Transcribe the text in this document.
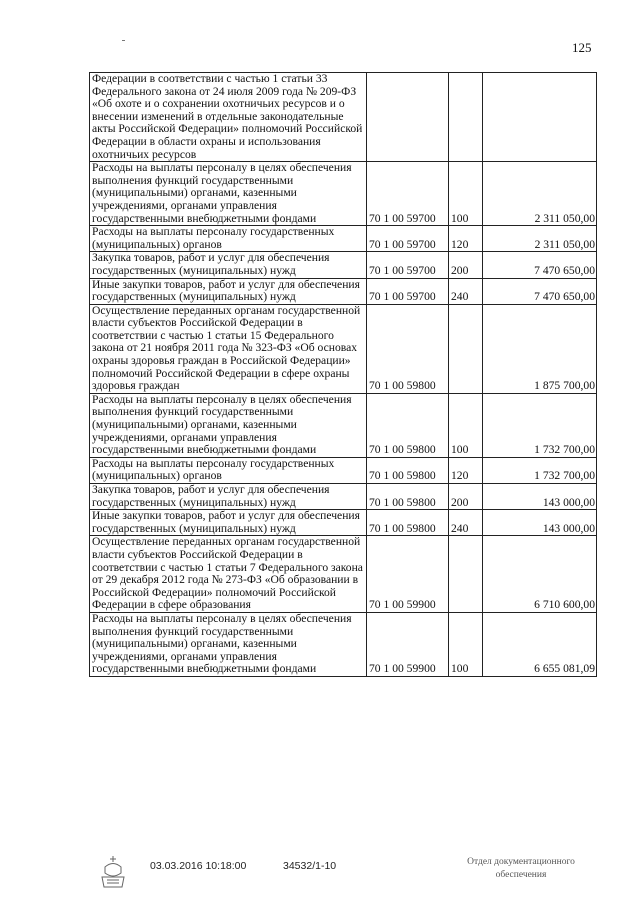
125
Федерации в соответствии с частью 1 статьи 33 Федерального закона от 24 июля 2009 года № 209-ФЗ «Об охоте и о сохранении охотничьих ресурсов и о внесении изменений в отдельные законодательные акты Российской Федерации» полномочий Российской Федерации в области охраны и использования охотничьих ресурсов			
Расходы на выплаты персоналу в целях обеспечения выполнения функций государственными (муниципальными) органами, казенными учреждениями, органами управления государственными внебюджетными фондами	70 1 00 59700	100	2 311 050,00
Расходы на выплаты персоналу государственных (муниципальных) органов	70 1 00 59700	120	2 311 050,00
Закупка товаров, работ и услуг для обеспечения государственных (муниципальных) нужд	70 1 00 59700	200	7 470 650,00
Иные закупки товаров, работ и услуг для обеспечения государственных (муниципальных) нужд	70 1 00 59700	240	7 470 650,00
Осуществление переданных органам государственной власти субъектов Российской Федерации в соответствии с частью 1 статьи 15 Федерального закона от 21 ноября 2011 года № 323-ФЗ «Об основах охраны здоровья граждан в Российской Федерации» полномочий Российской Федерации в сфере охраны здоровья граждан	70 1 00 59800		1 875 700,00
Расходы на выплаты персоналу в целях обеспечения выполнения функций государственными (муниципальными) органами, казенными учреждениями, органами управления государственными внебюджетными фондами	70 1 00 59800	100	1 732 700,00
Расходы на выплаты персоналу государственных (муниципальных) органов	70 1 00 59800	120	1 732 700,00
Закупка товаров, работ и услуг для обеспечения государственных (муниципальных) нужд	70 1 00 59800	200	143 000,00
Иные закупки товаров, работ и услуг для обеспечения государственных (муниципальных) нужд	70 1 00 59800	240	143 000,00
Осуществление переданных органам государственной власти субъектов Российской Федерации в соответствии с частью 1 статьи 7 Федерального закона от 29 декабря 2012 года № 273-ФЗ «Об образовании в Российской Федерации» полномочий Российской Федерации в сфере образования	70 1 00 59900		6 710 600,00
Расходы на выплаты персоналу в целях обеспечения выполнения функций государственными (муниципальными) органами, казенными учреждениями, органами управления государственными внебюджетными фондами	70 1 00 59900	100	6 655 081,09
03.03.2016 10:18:00	34532/1-10	Отдел документационного
обеспечения
